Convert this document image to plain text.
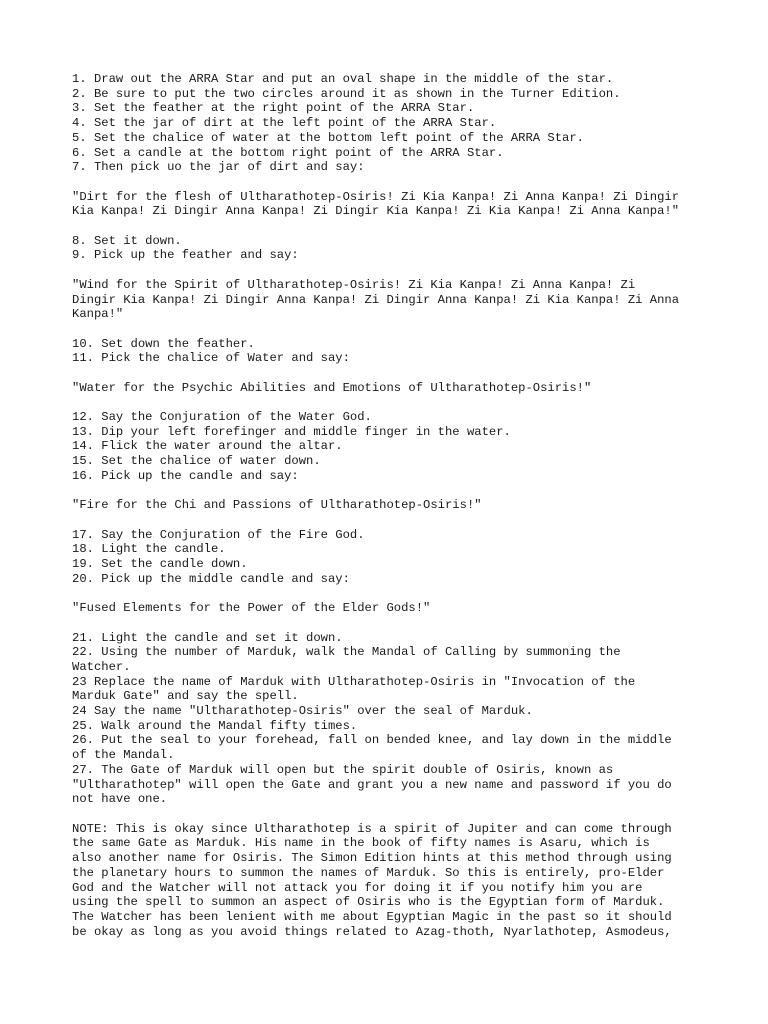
1. Draw out the ARRA Star and put an oval shape in the middle of the star.
2. Be sure to put the two circles around it as shown in the Turner Edition.
3. Set the feather at the right point of the ARRA Star.
4. Set the jar of dirt at the left point of the ARRA Star.
5. Set the chalice of water at the bottom left point of the ARRA Star.
6. Set a candle at the bottom right point of the ARRA Star.
7. Then pick uo the jar of dirt and say:

"Dirt for the flesh of Ultharathotep-Osiris! Zi Kia Kanpa! Zi Anna Kanpa! Zi Dingir
Kia Kanpa! Zi Dingir Anna Kanpa! Zi Dingir Kia Kanpa! Zi Kia Kanpa! Zi Anna Kanpa!"

8. Set it down.
9. Pick up the feather and say:

"Wind for the Spirit of Ultharathotep-Osiris! Zi Kia Kanpa! Zi Anna Kanpa! Zi
Dingir Kia Kanpa! Zi Dingir Anna Kanpa! Zi Dingir Anna Kanpa! Zi Kia Kanpa! Zi Anna
Kanpa!"

10. Set down the feather.
11. Pick the chalice of Water and say:

"Water for the Psychic Abilities and Emotions of Ultharathotep-Osiris!"

12. Say the Conjuration of the Water God.
13. Dip your left forefinger and middle finger in the water.
14. Flick the water around the altar.
15. Set the chalice of water down.
16. Pick up the candle and say:

"Fire for the Chi and Passions of Ultharathotep-Osiris!"

17. Say the Conjuration of the Fire God.
18. Light the candle.
19. Set the candle down.
20. Pick up the middle candle and say:

"Fused Elements for the Power of the Elder Gods!"

21. Light the candle and set it down.
22. Using the number of Marduk, walk the Mandal of Calling by summoning the
Watcher.
23 Replace the name of Marduk with Ultharathotep-Osiris in "Invocation of the
Marduk Gate" and say the spell.
24 Say the name "Ultharathotep-Osiris" over the seal of Marduk.
25. Walk around the Mandal fifty times.
26. Put the seal to your forehead, fall on bended knee, and lay down in the middle
of the Mandal.
27. The Gate of Marduk will open but the spirit double of Osiris, known as
"Ultharathotep" will open the Gate and grant you a new name and password if you do
not have one.

NOTE: This is okay since Ultharathotep is a spirit of Jupiter and can come through
the same Gate as Marduk. His name in the book of fifty names is Asaru, which is
also another name for Osiris. The Simon Edition hints at this method through using
the planetary hours to summon the names of Marduk. So this is entirely, pro-Elder
God and the Watcher will not attack you for doing it if you notify him you are
using the spell to summon an aspect of Osiris who is the Egyptian form of Marduk.
The Watcher has been lenient with me about Egyptian Magic in the past so it should
be okay as long as you avoid things related to Azag-thoth, Nyarlathotep, Asmodeus,
